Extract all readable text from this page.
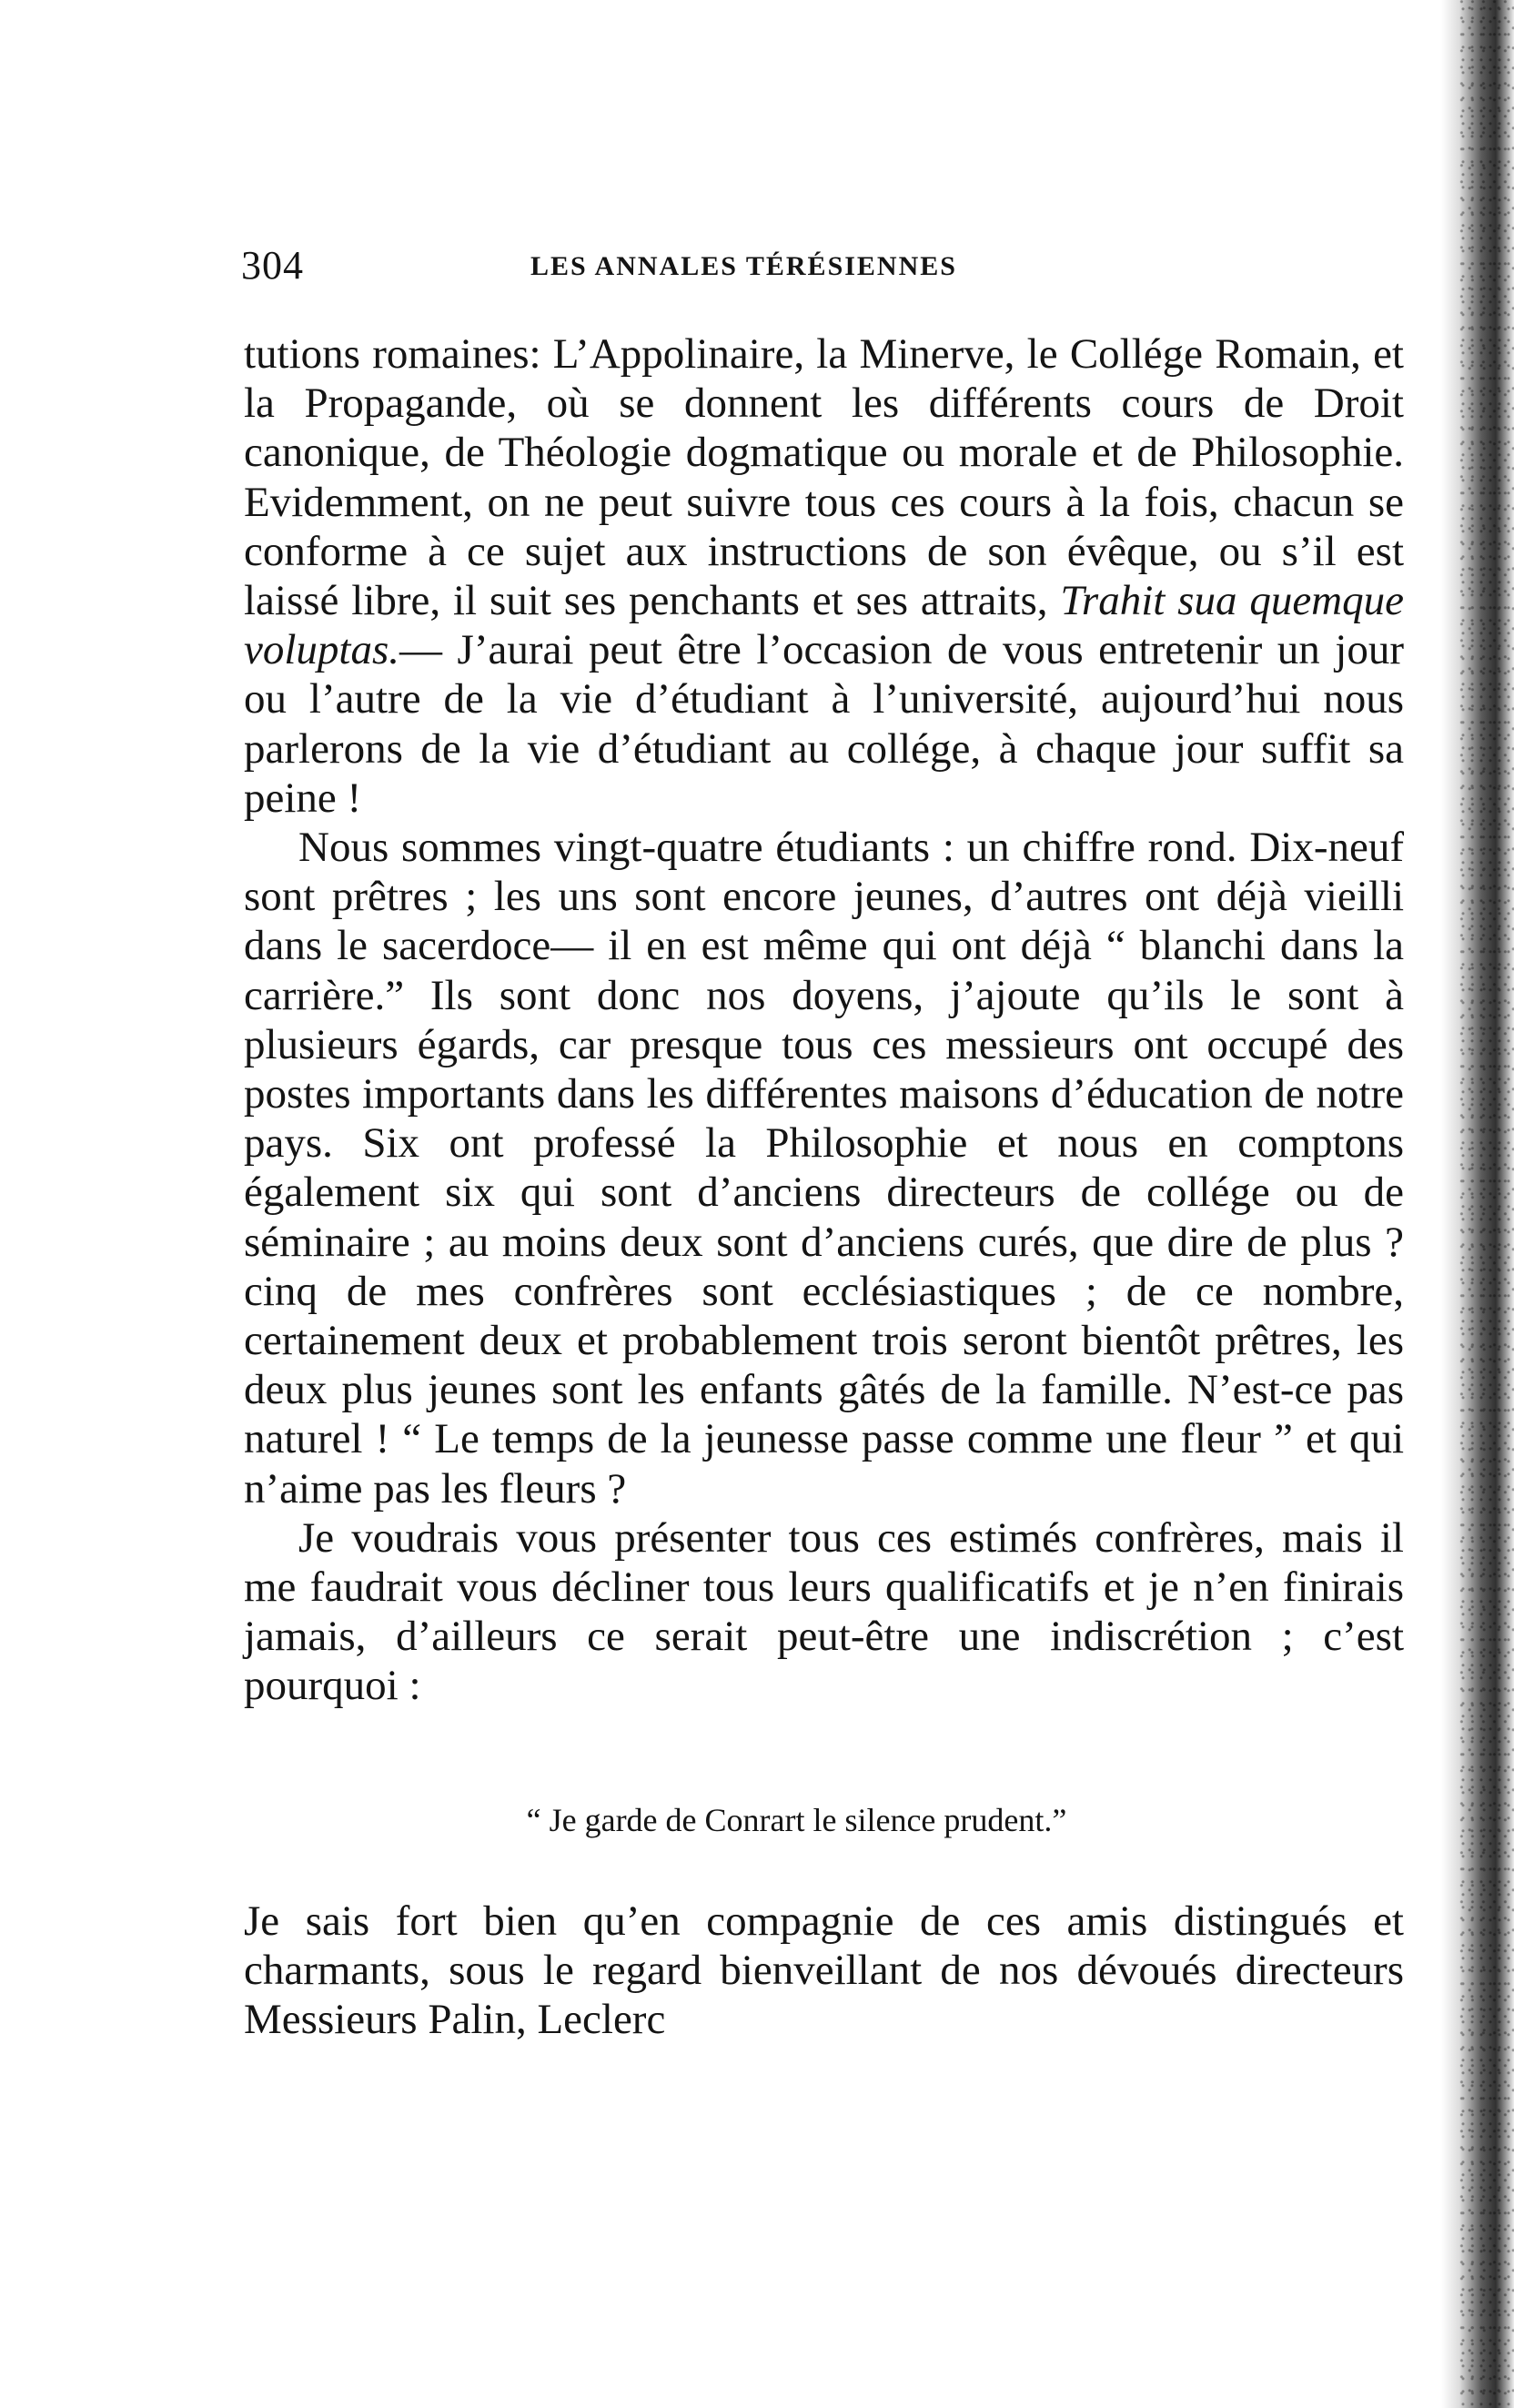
304	LES ANNALES TÉRÉSIENNES

tutions romaines: L’Appolinaire, la Minerve, le Collége Romain, et la Propagande, où se donnent les différents cours de Droit canonique, de Théologie dogmatique ou morale et de Philosophie. Evidemment, on ne peut suivre tous ces cours à la fois, chacun se conforme à ce sujet aux instructions de son évêque, ou s’il est laissé libre, il suit ses penchants et ses attraits, Trahit sua quemque voluptas.— J’aurai peut être l’occasion de vous entretenir un jour ou l’autre de la vie d’étudiant à l’université, aujourd’hui nous parlerons de la vie d’étudiant au collége, à chaque jour suffit sa peine !

Nous sommes vingt-quatre étudiants : un chiffre rond. Dix-neuf sont prêtres ; les uns sont encore jeunes, d’autres ont déjà vieilli dans le sacerdoce— il en est même qui ont déjà “ blanchi dans la carrière.” Ils sont donc nos doyens, j’ajoute qu’ils le sont à plusieurs égards, car presque tous ces messieurs ont occupé des postes importants dans les différentes maisons d’éducation de notre pays. Six ont professé la Philosophie et nous en comptons également six qui sont d’anciens directeurs de collége ou de séminaire ; au moins deux sont d’anciens curés, que dire de plus ? cinq de mes confrères sont ecclésiastiques ; de ce nombre, certainement deux et probablement trois seront bientôt prêtres, les deux plus jeunes sont les enfants gâtés de la famille. N’est-ce pas naturel ! “ Le temps de la jeunesse passe comme une fleur ” et qui n’aime pas les fleurs ?

Je voudrais vous présenter tous ces estimés confrères, mais il me faudrait vous décliner tous leurs qualificatifs et je n’en finirais jamais, d’ailleurs ce serait peut-être une indiscrétion ; c’est pourquoi :

“ Je garde de Conrart le silence prudent.”

Je sais fort bien qu’en compagnie de ces amis distingués et charmants, sous le regard bienveillant de nos dévoués directeurs Messieurs Palin, Leclerc
